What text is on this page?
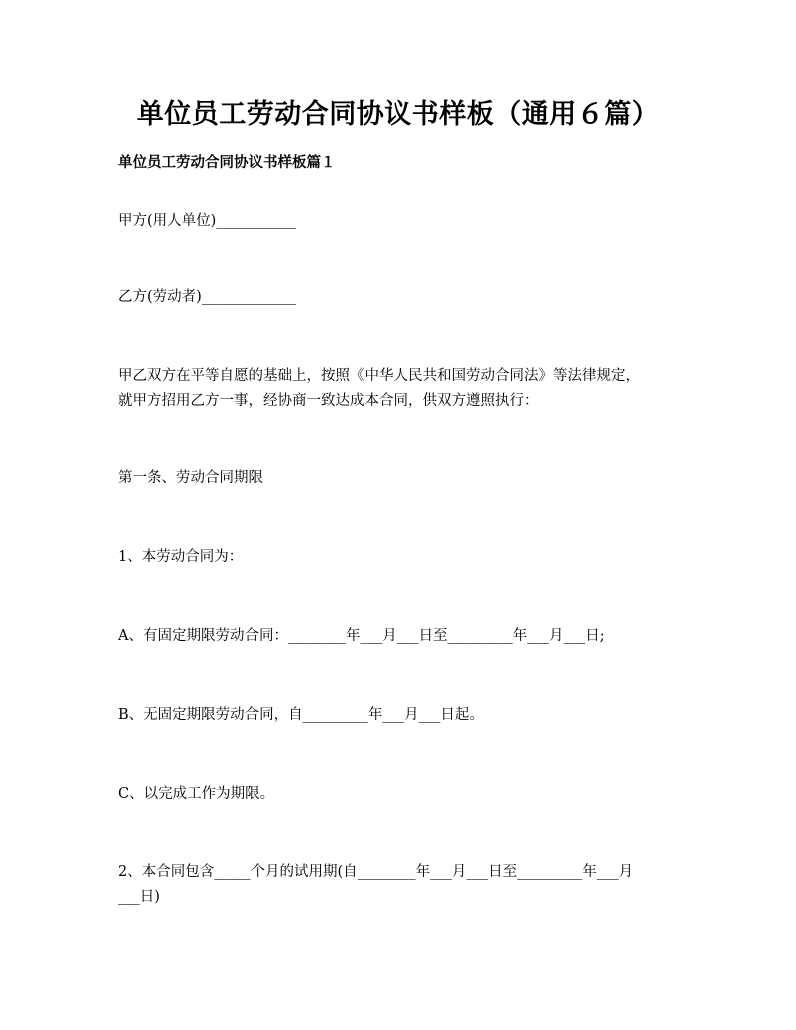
单位员工劳动合同协议书样板（通用６篇）
单位员工劳动合同协议书样板篇１
甲方(用人单位)___________
乙方(劳动者)_____________
甲乙双方在平等自愿的基础上，按照《中华人民共和国劳动合同法》等法律规定，
就甲方招用乙方一事，经协商一致达成本合同，供双方遵照执行：
第一条、劳动合同期限
1、本劳动合同为：
A、有固定期限劳动合同：________年___月___日至_________年___月___日;
B、无固定期限劳动合同，自_________年___月___日起。
C、以完成工作为期限。
2、本合同包含_____个月的试用期(自________年___月___日至_________年___月
___日)
